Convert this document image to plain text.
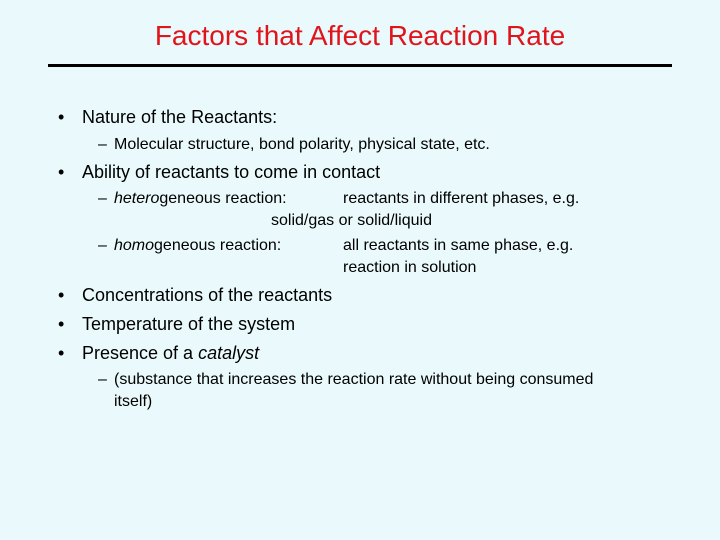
Factors that Affect Reaction Rate
• Nature of the Reactants:
– Molecular structure, bond polarity, physical state, etc.
• Ability of reactants to come in contact
– heterogeneous reaction:	reactants in different phases, e.g.
solid/gas or solid/liquid
– homogeneous reaction:	all reactants in same phase, e.g.
reaction in solution
• Concentrations of the reactants
• Temperature of the system
• Presence of a catalyst
– (substance that increases the reaction rate without being consumed
itself)
